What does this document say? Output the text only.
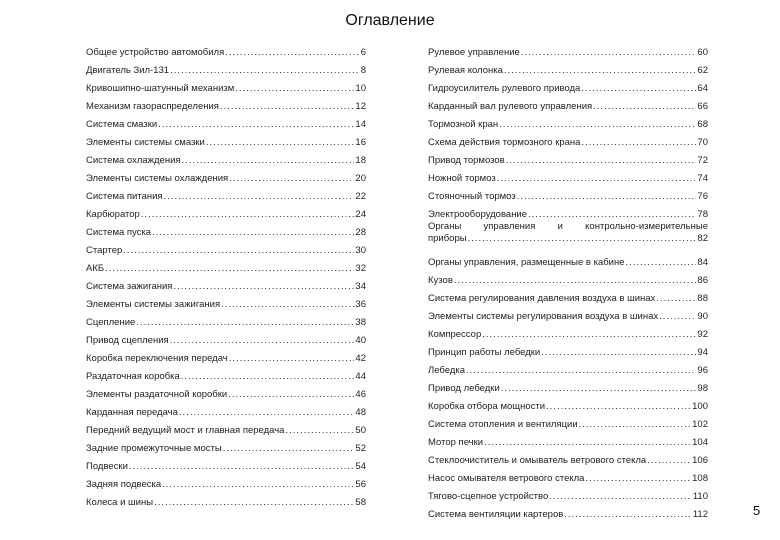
Оглавление
Общее устройство автомобиля .....	6
Двигатель Зил-131 .....	8
Кривошипно-шатунный механизм .....	10
Механизм газораспределения .....	12
Система смазки .....	14
Элементы системы смазки .....	16
Система охлаждения .....	18
Элементы системы охлаждения .....	20
Система питания .....	22
Карбюратор .....	24
Система пуска .....	28
Стартер .....	30
АКБ .....	32
Система зажигания .....	34
Элементы системы зажигания .....	36
Сцепление .....	38
Привод сцепления .....	40
Коробка переключения передач .....	42
Раздаточная коробка .....	44
Элементы раздаточной коробки .....	46
Карданная передача .....	48
Передний ведущий мост и главная передача .....	50
Задние промежуточные мосты .....	52
Подвески .....	54
Задняя подвеска .....	56
Колеса и шины .....	58
Рулевое управление .....	60
Рулевая колонка .....	62
Гидроусилитель рулевого привода .....	64
Карданный вал рулевого управления .....	66
Тормозной кран .....	68
Схема действия тормозного крана .....	70
Привод тормозов .....	72
Ножной тормоз .....	74
Стояночный тормоз .....	76
Электрооборудование .....	78
Органы управления и контрольно-измерительные
приборы .....	82
Органы управления, размещенные в кабине .....	84
Кузов .....	86
Система регулирования давления воздуха в шинах .....	88
Элементы системы регулирования воздуха в шинах .....	90
Компрессор .....	92
Принцип работы лебедки .....	94
Лебедка .....	96
Привод лебедки .....	98
Коробка отбора мощности .....	100
Система отопления и вентиляции .....	102
Мотор печки .....	104
Стеклоочиститель и омыватель ветрового стекла .....	106
Насос омывателя ветрового стекла .....	108
Тягово-сцепное устройство .....	110
Система вентиляции картеров .....	112	5
